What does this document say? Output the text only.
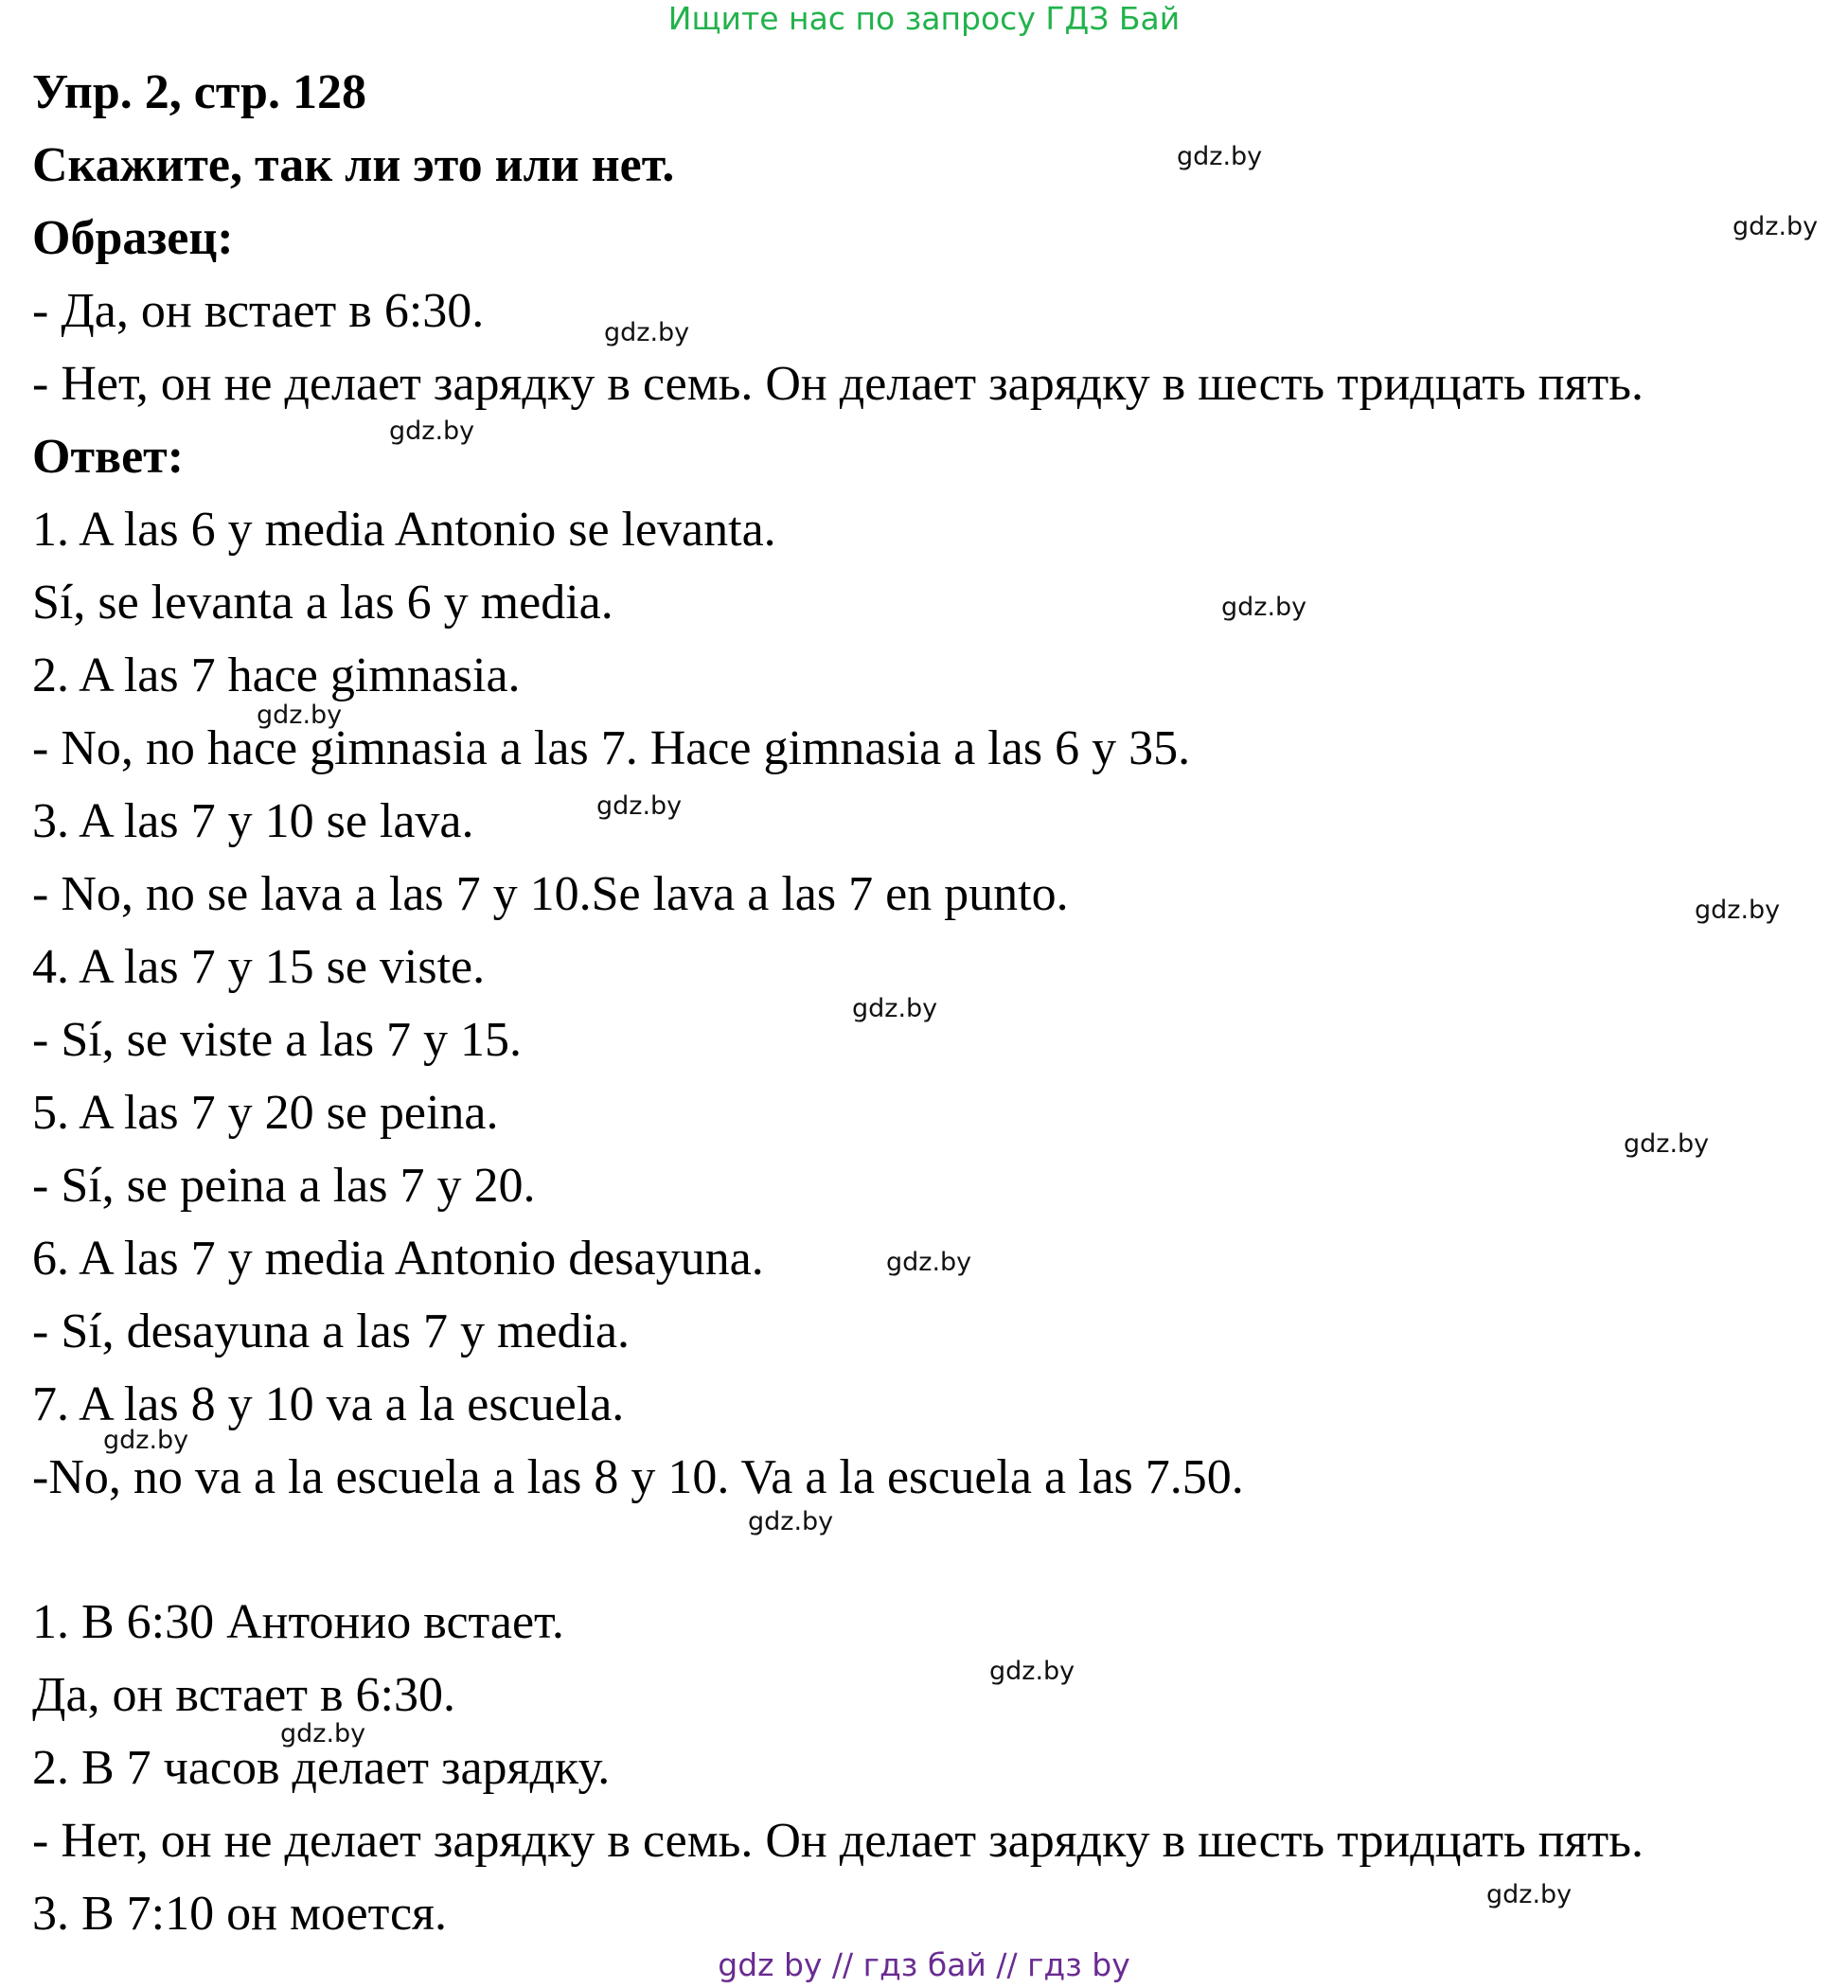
Ищите нас по запросу ГДЗ Бай
Упр. 2, стр. 128
Скажите, так ли это или нет.
Образец:
- Да, он встает в 6:30.
- Нет, он не делает зарядку в семь. Он делает зарядку в шесть тридцать пять.
Ответ:
1. A las 6 y media Antonio se levanta.
Sí, se levanta a las 6 y media.
2. A las 7 hace gimnasia.
- No, no hace gimnasia a las 7. Hace gimnasia a las 6 y 35.
3. A las 7 y 10 se lava.
- No, no se lava a las 7 y 10.Se lava a las 7 en punto.
4. A las 7 y 15 se viste.
- Sí, se viste a las 7 y 15.
5. A las 7 y 20 se peina.
- Sí, se peina a las 7 y 20.
6. A las 7 y media Antonio desayuna.
- Sí, desayuna a las 7 y media.
7. A las 8 y 10 va a la escuela.
-No, no va a la escuela a las 8 y 10. Va a la escuela a las 7.50.
1. В 6:30 Антонио встает.
Да, он встает в 6:30.
2. В 7 часов делает зарядку.
- Нет, он не делает зарядку в семь. Он делает зарядку в шесть тридцать пять.
3. В 7:10 он моется.
gdz.by
gdz.by
gdz.by
gdz.by
gdz.by
gdz.by
gdz.by
gdz.by
gdz.by
gdz.by
gdz.by
gdz.by
gdz.by
gdz.by
gdz.by
gdz.by
gdz by // гдз бай // гдз by
